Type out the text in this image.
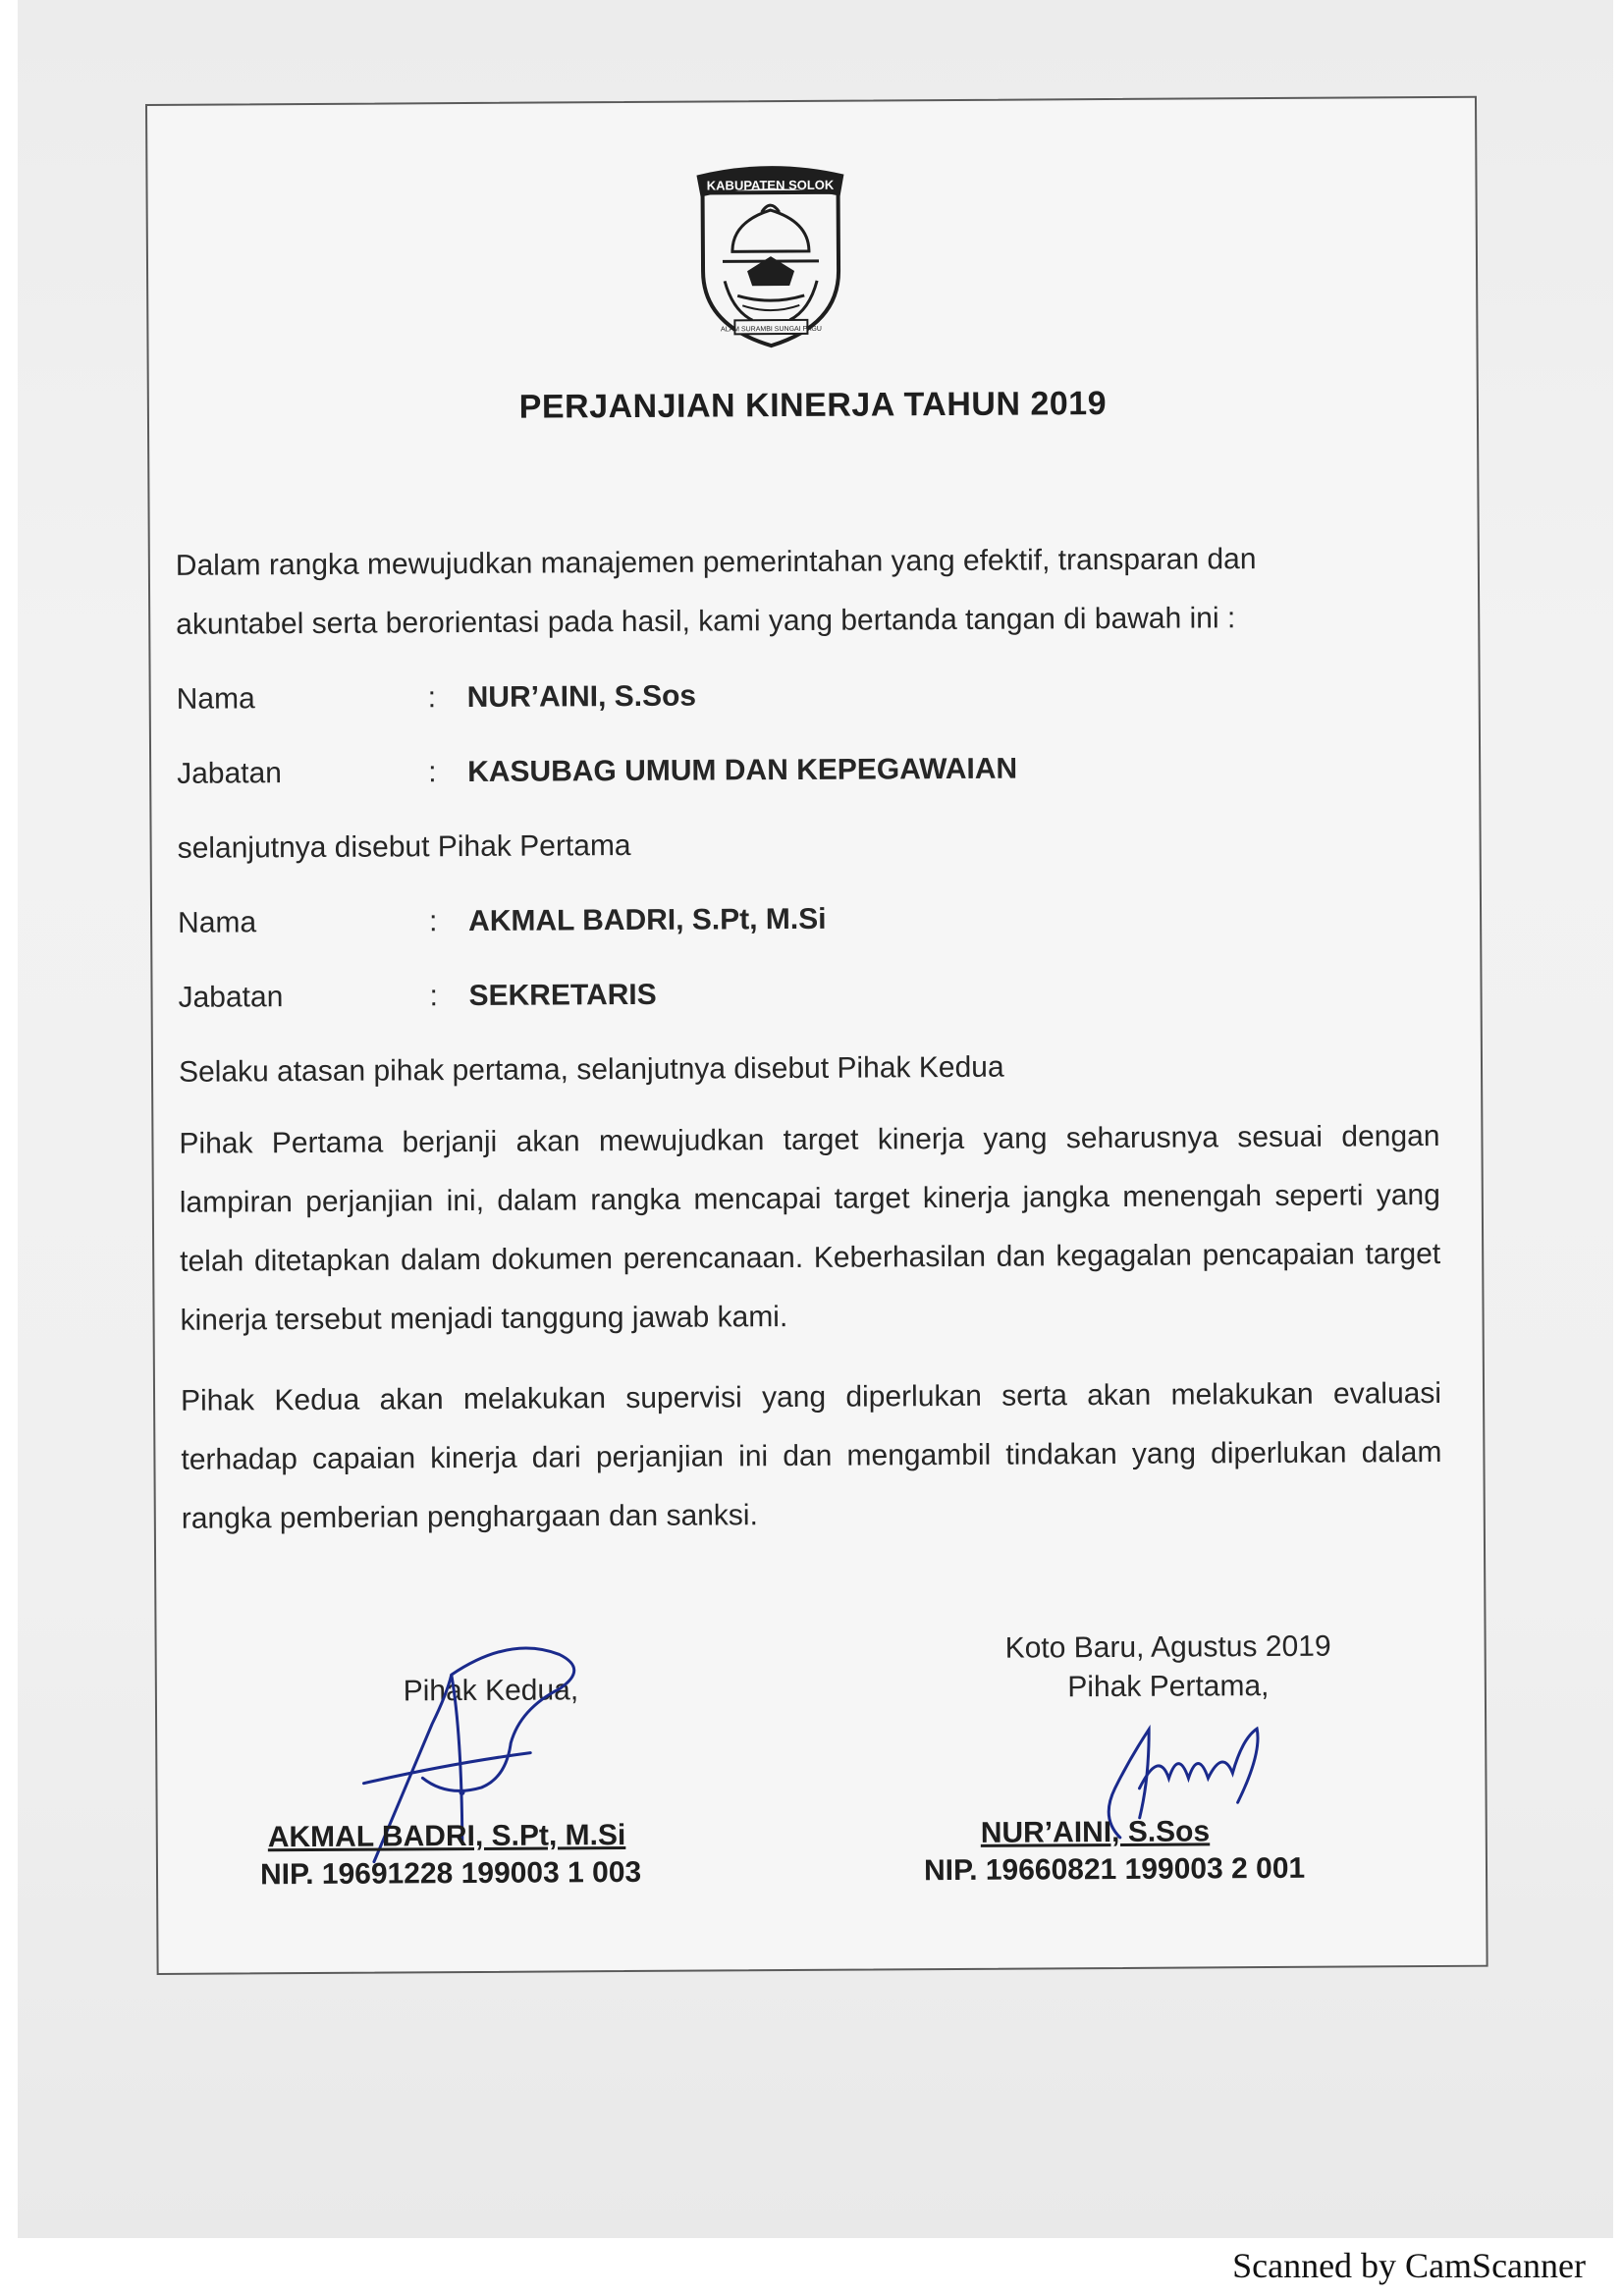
KABUPATEN SOLOK
ALAM SURAMBI SUNGAI PAGU
PERJANJIAN KINERJA TAHUN 2019
Dalam rangka mewujudkan manajemen pemerintahan yang efektif, transparan dan
akuntabel serta berorientasi pada hasil, kami yang bertanda tangan di bawah ini :
Nama	: NUR’AINI, S.Sos
Jabatan	: KASUBAG UMUM DAN KEPEGAWAIAN
selanjutnya disebut Pihak Pertama
Nama	: AKMAL BADRI, S.Pt, M.Si
Jabatan	: SEKRETARIS
Selaku atasan pihak pertama, selanjutnya disebut Pihak Kedua
Pihak Pertama berjanji akan mewujudkan target kinerja yang seharusnya sesuai dengan lampiran perjanjian ini, dalam rangka mencapai target kinerja jangka menengah seperti yang telah ditetapkan dalam dokumen perencanaan. Keberhasilan dan kegagalan pencapaian target kinerja tersebut menjadi tanggung jawab kami.
Pihak Kedua akan melakukan supervisi yang diperlukan serta akan melakukan evaluasi terhadap capaian kinerja dari perjanjian ini dan mengambil tindakan yang diperlukan dalam rangka pemberian penghargaan dan sanksi.
Koto Baru, Agustus 2019
Pihak Pertama,
Pihak Kedua,
AKMAL BADRI, S.Pt, M.Si
NIP. 19691228 199003 1 003
NUR’AINI, S.Sos
NIP. 19660821 199003 2 001
Scanned by CamScanner
